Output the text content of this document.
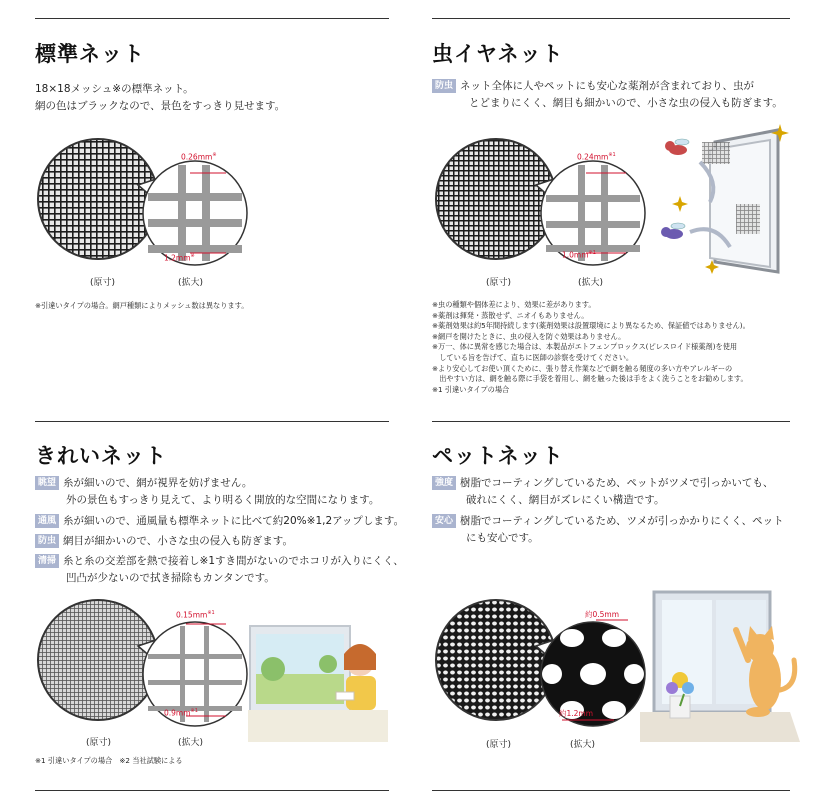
標準ネット
18×18メッシュ※の標準ネット。
網の色はブラックなので、景色をすっきり見せます。
0.26mm※
1.2mm※
(原寸)	(拡大)
※引違いタイプの場合。網戸種類によりメッシュ数は異なります。
虫イヤネット
防虫 ネット全体に人やペットにも安心な薬剤が含まれており、虫が
とどまりにくく、網目も細かいので、小さな虫の侵入も防ぎます。
$0.24mm^{※1}$
$1.0mm^{※1}$
(原寸)	(拡大)
※虫の種類や個体差により、効果に差があります。
※薬剤は揮発・蒸散せず、ニオイもありません。
※薬剤効果は約5年間持続します(薬剤効果は設置環境により異なるため、保証値ではありません)。
※網戸を開けたときに、虫の侵入を防ぐ効果はありません。
※万一、体に異常を感じた場合は、本製品がエトフェンプロックス(ピレスロイド様薬剤)を使用
　している旨を告げて、直ちに医師の診察を受けてください。
※より安心してお使い頂くために、張り替え作業などで網を触る頻度の多い方やアレルギーの
　出やすい方は、網を触る際に手袋を着用し、網を触った後は手をよく洗うことをお勧めします。
※1 引違いタイプの場合
きれいネット
眺望 糸が細いので、網が視界を妨げません。
外の景色もすっきり見えて、より明るく開放的な空間になります。
通風 糸が細いので、通風量も標準ネットに比べて約20%※1,2アップします。
防虫 網目が細かいので、小さな虫の侵入も防ぎます。
清掃 糸と糸の交差部を熱で接着し※1すき間がないのでホコリが入りにくく、
凹凸が少ないので拭き掃除もカンタンです。
$0.15mm^{※1}$
$0.9mm^{※1}$
(原寸)	(拡大)
※1 引違いタイプの場合　※2 当社試験による
ペットネット
強度 樹脂でコーティングしているため、ペットがツメで引っかいても、
破れにくく、網目がズレにくい構造です。
安心 樹脂でコーティングしているため、ツメが引っかかりにくく、ペット
にも安心です。
約0.5mm
約1.2mm
(原寸)	(拡大)
